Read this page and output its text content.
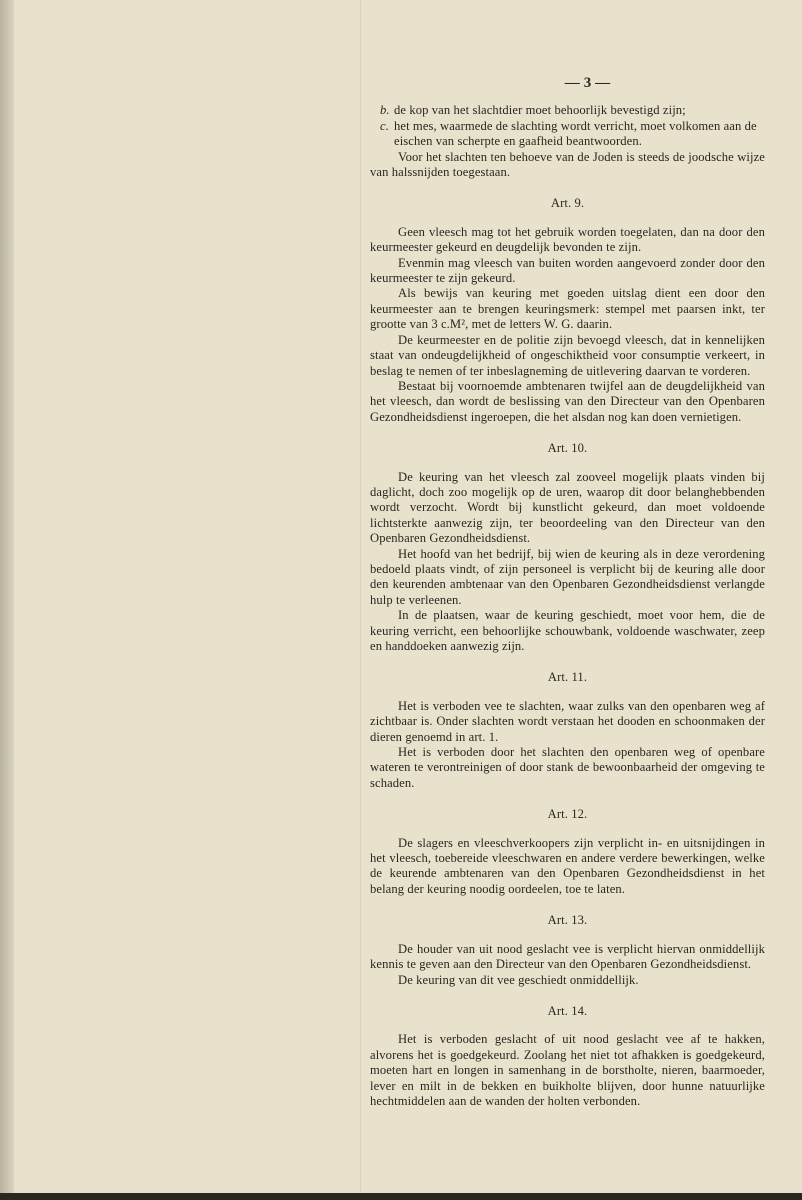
— 3 —
b. de kop van het slachtdier moet behoorlijk bevestigd zijn;
c. het mes, waarmede de slachting wordt verricht, moet volkomen aan de eischen van scherpte en gaafheid beantwoorden.

Voor het slachten ten behoeve van de Joden is steeds de joodsche wijze van halssnijden toegestaan.

Art. 9.

Geen vleesch mag tot het gebruik worden toegelaten, dan na door den keurmeester gekeurd en deugdelijk bevonden te zijn.

Evenmin mag vleesch van buiten worden aangevoerd zonder door den keurmeester te zijn gekeurd.

Als bewijs van keuring met goeden uitslag dient een door den keurmeester aan te brengen keuringsmerk: stempel met paarsen inkt, ter grootte van 3 c.M², met de letters W. G. daarin.

De keurmeester en de politie zijn bevoegd vleesch, dat in kennelijken staat van ondeugdelijkheid of ongeschiktheid voor consumptie verkeert, in beslag te nemen of ter inbeslagneming de uitlevering daarvan te vorderen.

Bestaat bij voornoemde ambtenaren twijfel aan de deugdelijkheid van het vleesch, dan wordt de beslissing van den Directeur van den Openbaren Gezondheidsdienst ingeroepen, die het alsdan nog kan doen vernietigen.

Art. 10.

De keuring van het vleesch zal zooveel mogelijk plaats vinden bij daglicht, doch zoo mogelijk op de uren, waarop dit door belanghebbenden wordt verzocht. Wordt bij kunstlicht gekeurd, dan moet voldoende lichtsterkte aanwezig zijn, ter beoordeeling van den Directeur van den Openbaren Gezondheidsdienst.

Het hoofd van het bedrijf, bij wien de keuring als in deze verordening bedoeld plaats vindt, of zijn personeel is verplicht bij de keuring alle door den keurenden ambtenaar van den Openbaren Gezondheidsdienst verlangde hulp te verleenen.

In de plaatsen, waar de keuring geschiedt, moet voor hem, die de keuring verricht, een behoorlijke schouwbank, voldoende waschwater, zeep en handdoeken aanwezig zijn.

Art. 11.

Het is verboden vee te slachten, waar zulks van den openbaren weg af zichtbaar is. Onder slachten wordt verstaan het dooden en schoonmaken der dieren genoemd in art. 1.

Het is verboden door het slachten den openbaren weg of openbare wateren te verontreinigen of door stank de bewoonbaarheid der omgeving te schaden.

Art. 12.

De slagers en vleeschverkoopers zijn verplicht in- en uitsnijdingen in het vleesch, toebereide vleeschwaren en andere verdere bewerkingen, welke de keurende ambtenaren van den Openbaren Gezondheidsdienst in het belang der keuring noodig oordeelen, toe te laten.

Art. 13.

De houder van uit nood geslacht vee is verplicht hiervan onmiddellijk kennis te geven aan den Directeur van den Openbaren Gezondheidsdienst.

De keuring van dit vee geschiedt onmiddellijk.

Art. 14.

Het is verboden geslacht of uit nood geslacht vee af te hakken, alvorens het is goedgekeurd. Zoolang het niet tot afhakken is goedgekeurd, moeten hart en longen in samenhang in de borstholte, nieren, baarmoeder, lever en milt in de bekken en buikholte blijven, door hunne natuurlijke hechtmiddelen aan de wanden der holten verbonden.
